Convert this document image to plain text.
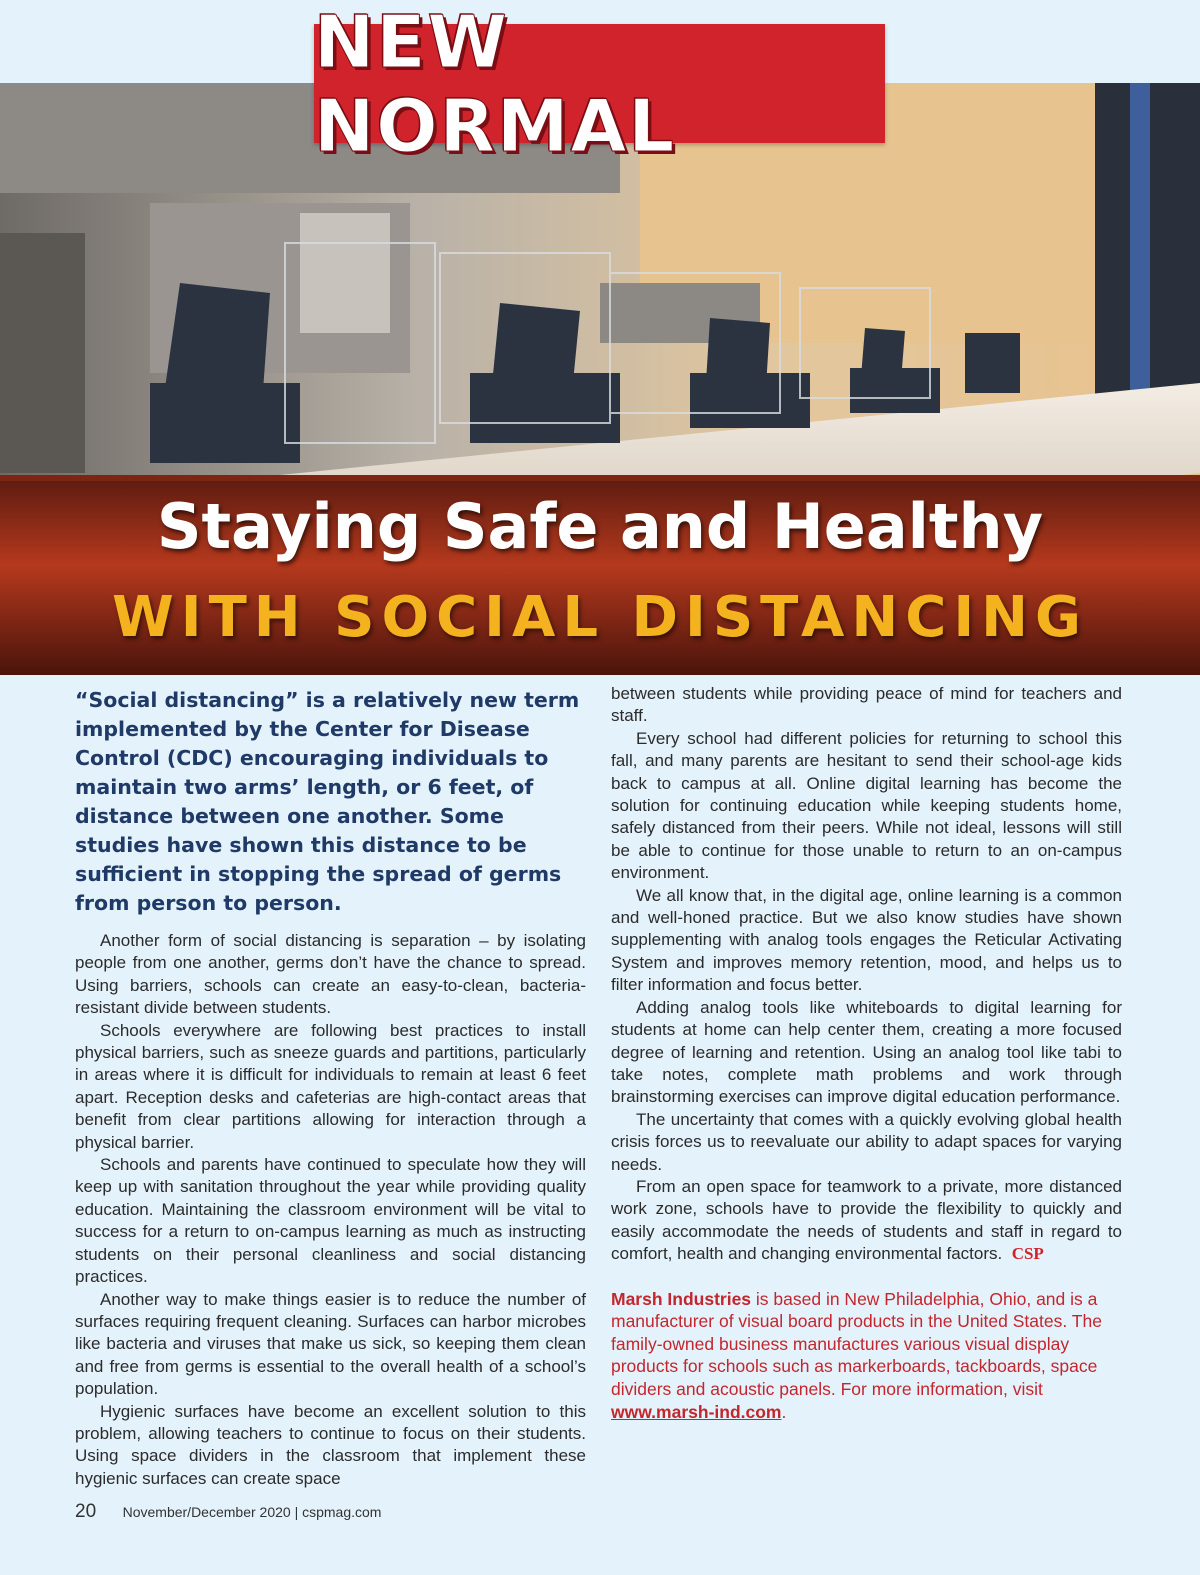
NEW NORMAL
Staying Safe and Healthy
WITH SOCIAL DISTANCING

“Social distancing” is a relatively new term implemented by the Center for Disease Control (CDC) encouraging individuals to maintain two arms’ length, or 6 feet, of distance between one another. Some studies have shown this distance to be sufficient in stopping the spread of germs from person to person.

Another form of social distancing is separation – by isolating people from one another, germs don’t have the chance to spread. Using barriers, schools can create an easy-to-clean, bacteria-resistant divide between students.

Schools everywhere are following best practices to install physical barriers, such as sneeze guards and partitions, particularly in areas where it is difficult for individuals to remain at least 6 feet apart. Reception desks and cafeterias are high-contact areas that benefit from clear partitions allowing for interaction through a physical barrier.

Schools and parents have continued to speculate how they will keep up with sanitation throughout the year while providing quality education. Maintaining the classroom environment will be vital to success for a return to on-campus learning as much as instructing students on their personal cleanliness and social distancing practices.

Another way to make things easier is to reduce the number of surfaces requiring frequent cleaning. Surfaces can harbor microbes like bacteria and viruses that make us sick, so keeping them clean and free from germs is essential to the overall health of a school’s population.

Hygienic surfaces have become an excellent solution to this problem, allowing teachers to continue to focus on their students. Using space dividers in the classroom that implement these hygienic surfaces can create space

between students while providing peace of mind for teachers and staff.

Every school had different policies for returning to school this fall, and many parents are hesitant to send their school-age kids back to campus at all. Online digital learning has become the solution for continuing education while keeping students home, safely distanced from their peers. While not ideal, lessons will still be able to continue for those unable to return to an on-campus environment.

We all know that, in the digital age, online learning is a common and well-honed practice. But we also know studies have shown supplementing with analog tools engages the Reticular Activating System and improves memory retention, mood, and helps us to filter information and focus better.

Adding analog tools like whiteboards to digital learning for students at home can help center them, creating a more focused degree of learning and retention. Using an analog tool like tabi to take notes, complete math problems and work through brainstorming exercises can improve digital education performance.

The uncertainty that comes with a quickly evolving global health crisis forces us to reevaluate our ability to adapt spaces for varying needs.

From an open space for teamwork to a private, more distanced work zone, schools have to provide the flexibility to quickly and easily accommodate the needs of students and staff in regard to comfort, health and changing environmental factors. CSP

Marsh Industries is based in New Philadelphia, Ohio, and is a manufacturer of visual board products in the United States. The family-owned business manufactures various visual display products for schools such as markerboards, tackboards, space dividers and acoustic panels. For more information, visit www.marsh-ind.com.
20 November/December 2020 | cspmag.com
